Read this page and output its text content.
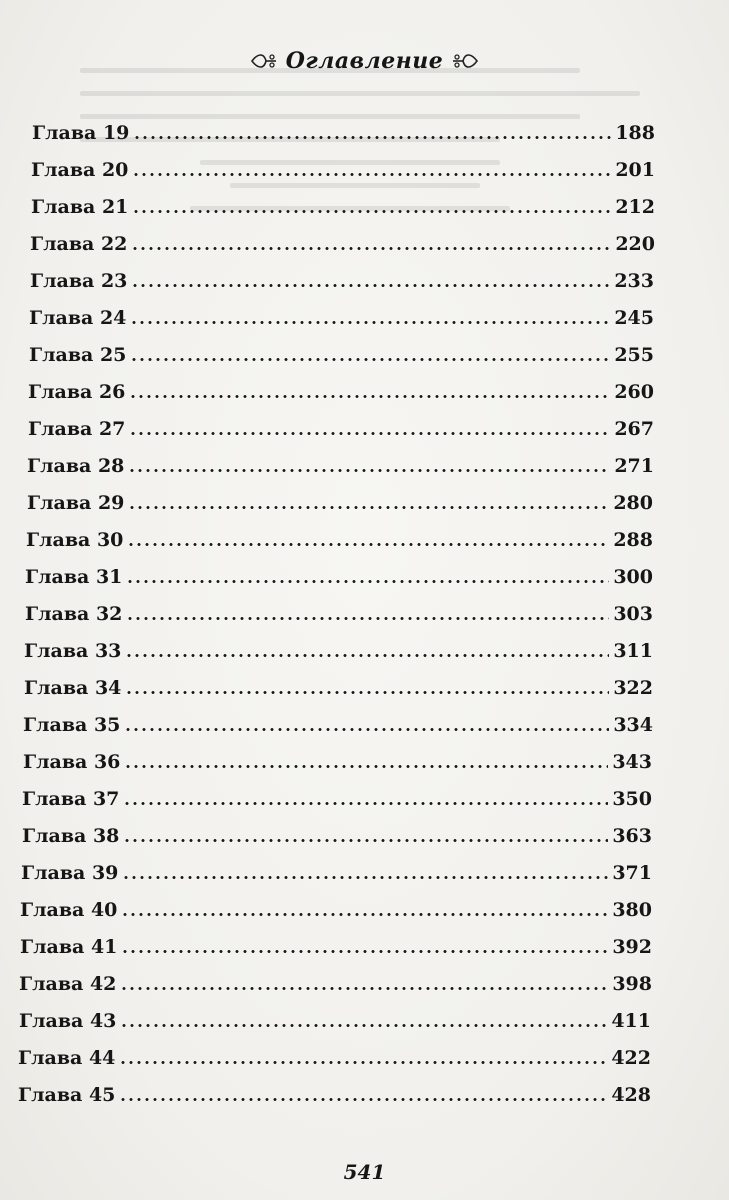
Оглавление
Глава 19	188
Глава 20	201
Глава 21	212
Глава 22	220
Глава 23	233
Глава 24	245
Глава 25	255
Глава 26	260
Глава 27	267
Глава 28	271
Глава 29	280
Глава 30	288
Глава 31	300
Глава 32	303
Глава 33	311
Глава 34	322
Глава 35	334
Глава 36	343
Глава 37	350
Глава 38	363
Глава 39	371
Глава 40	380
Глава 41	392
Глава 42	398
Глава 43	411
Глава 44	422
Глава 45	428
541
